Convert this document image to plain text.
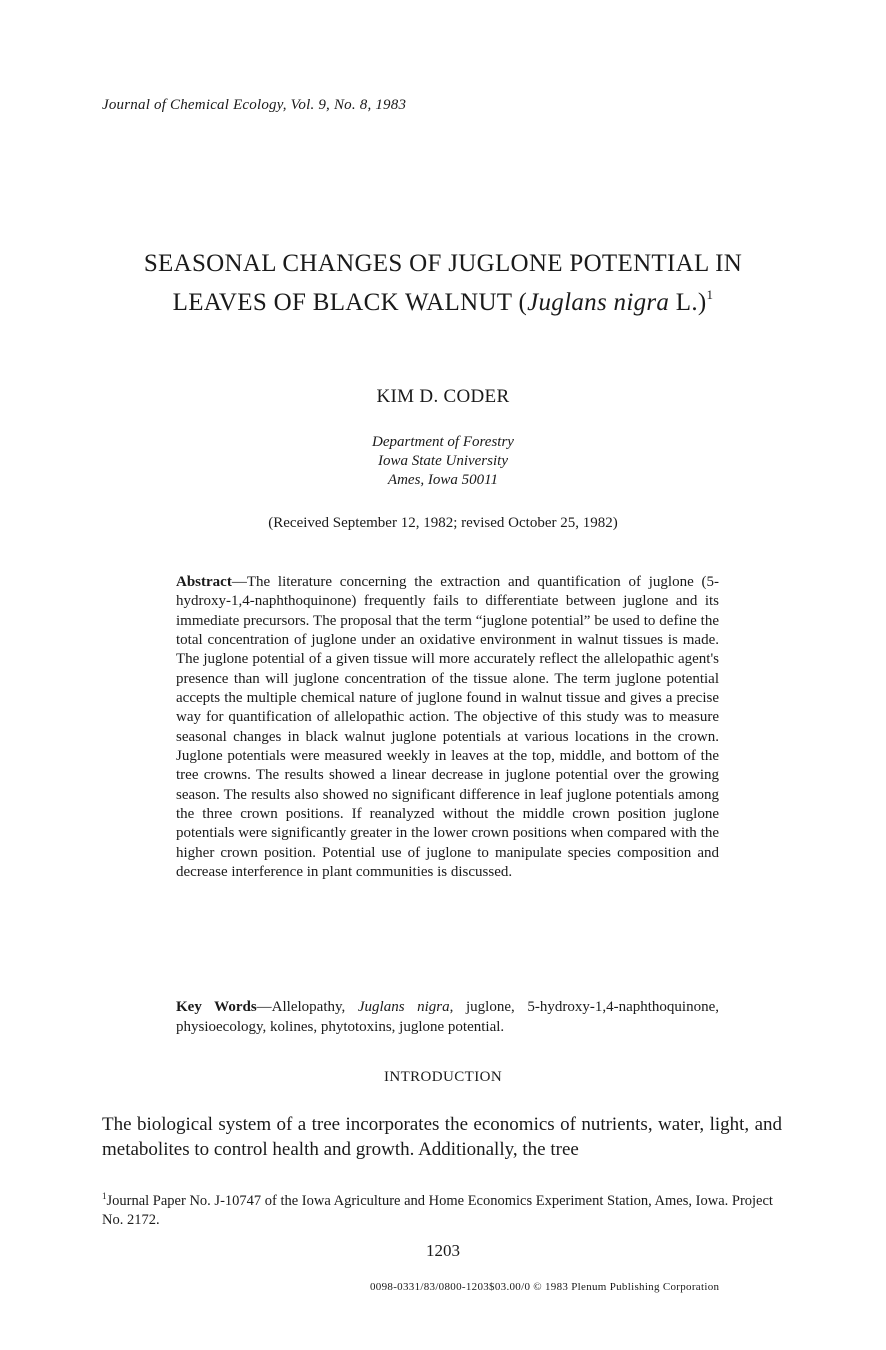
Journal of Chemical Ecology, Vol. 9, No. 8, 1983
SEASONAL CHANGES OF JUGLONE POTENTIAL IN
LEAVES OF BLACK WALNUT (Juglans nigra L.)$^1$
KIM D. CODER
Department of Forestry
Iowa State University
Ames, Iowa 50011
(Received September 12, 1982; revised October 25, 1982)
Abstract—The literature concerning the extraction and quantification of juglone (5-hydroxy-1,4-naphthoquinone) frequently fails to differentiate between juglone and its immediate precursors. The proposal that the term “juglone potential” be used to define the total concentration of juglone under an oxidative environment in walnut tissues is made. The juglone potential of a given tissue will more accurately reflect the allelopathic agent's presence than will juglone concentration of the tissue alone. The term juglone potential accepts the multiple chemical nature of juglone found in walnut tissue and gives a precise way for quantification of allelopathic action. The objective of this study was to measure seasonal changes in black walnut juglone potentials at various locations in the crown. Juglone potentials were measured weekly in leaves at the top, middle, and bottom of the tree crowns. The results showed a linear decrease in juglone potential over the growing season. The results also showed no significant difference in leaf juglone potentials among the three crown positions. If reanalyzed without the middle crown position juglone potentials were significantly greater in the lower crown positions when compared with the higher crown position. Potential use of juglone to manipulate species composition and decrease interference in plant communities is discussed.
Key Words—Allelopathy, Juglans nigra, juglone, 5-hydroxy-1,4-naphthoquinone, physioecology, kolines, phytotoxins, juglone potential.
INTRODUCTION
The biological system of a tree incorporates the economics of nutrients, water, light, and metabolites to control health and growth. Additionally, the tree
$^1$Journal Paper No. J-10747 of the Iowa Agriculture and Home Economics Experiment Station, Ames, Iowa. Project No. 2172.
1203
0098-0331/83/0800-1203$03.00/0 © 1983 Plenum Publishing Corporation
